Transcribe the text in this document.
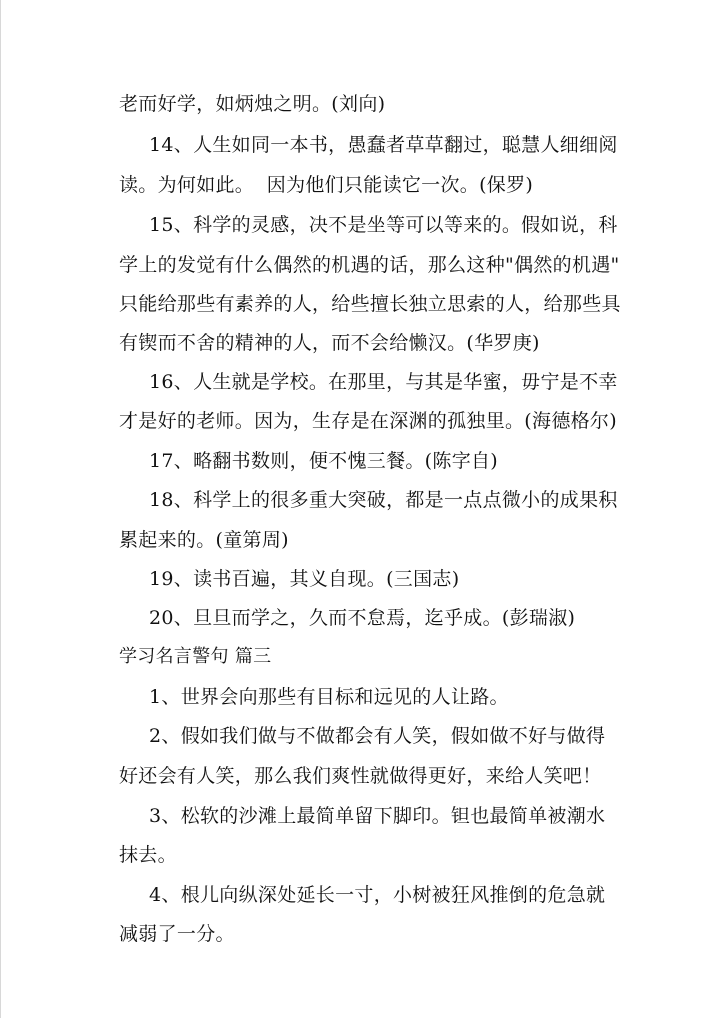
老而好学，如炳烛之明。(刘向)
14、人生如同一本书，愚蠢者草草翻过，聪慧人细细阅
读。为何如此。  因为他们只能读它一次。(保罗)
15、科学的灵感，决不是坐等可以等来的。假如说，科
学上的发觉有什么偶然的机遇的话，那么这种"偶然的机遇"
只能给那些有素养的人，给些擅长独立思索的人，给那些具
有锲而不舍的精神的人，而不会给懒汉。(华罗庚)
16、人生就是学校。在那里，与其是华蜜，毋宁是不幸
才是好的老师。因为，生存是在深渊的孤独里。(海德格尔)
17、略翻书数则，便不愧三餐。(陈字自)
18、科学上的很多重大突破，都是一点点微小的成果积
累起来的。(童第周)
19、读书百遍，其义自现。(三国志)
20、旦旦而学之，久而不怠焉，迄乎成。(彭瑞淑)
学习名言警句 篇三
1、世界会向那些有目标和远见的人让路。
2、假如我们做与不做都会有人笑，假如做不好与做得
好还会有人笑，那么我们爽性就做得更好，来给人笑吧！
3、松软的沙滩上最简单留下脚印。钽也最简单被潮水
抹去。
4、根儿向纵深处延长一寸，小树被狂风推倒的危急就
减弱了一分。
